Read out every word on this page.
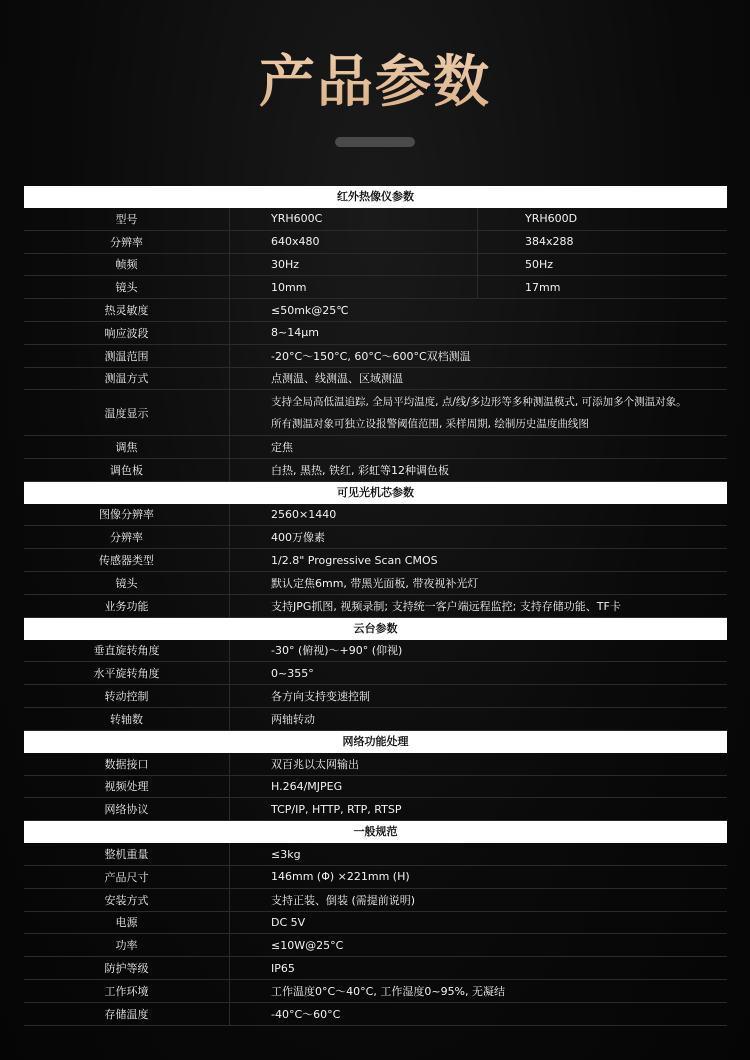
产品参数
红外热像仪参数
型号	YRH600C	YRH600D
分辨率	640x480	384x288
帧频	30Hz	50Hz
镜头	10mm	17mm
热灵敏度	≤50mk@25℃
响应波段	8~14μm
测温范围	-20°C～150°C, 60°C～600°C双档测温
测温方式	点测温、线测温、区域测温
温度显示
支持全局高低温追踪, 全局平均温度, 点/线/多边形等多种测温模式, 可添加多个测温对象。
所有测温对象可独立设报警阈值范围, 采样周期, 绘制历史温度曲线图
调焦	定焦
调色板	白热, 黑热, 铁红, 彩虹等12种调色板
可见光机芯参数
图像分辨率	2560×1440
分辨率	400万像素
传感器类型	1/2.8" Progressive Scan CMOS
镜头	默认定焦6mm, 带黑光面板, 带夜视补光灯
业务功能	支持JPG抓图, 视频录制; 支持统一客户端远程监控; 支持存储功能、TF卡
云台参数
垂直旋转角度	-30° (俯视)～+90° (仰视)
水平旋转角度	0~355°
转动控制	各方向支持变速控制
转轴数	两轴转动
网络功能处理
数据接口	双百兆以太网输出
视频处理	H.264/MJPEG
网络协议	TCP/IP, HTTP, RTP, RTSP
一般规范
整机重量	≤3kg
产品尺寸	146mm (Φ) ×221mm (H)
安装方式	支持正装、倒装 (需提前说明)
电源	DC 5V
功率	≤10W@25°C
防护等级	IP65
工作环境	工作温度0°C～40°C, 工作湿度0~95%, 无凝结
存储温度	-40°C～60°C
